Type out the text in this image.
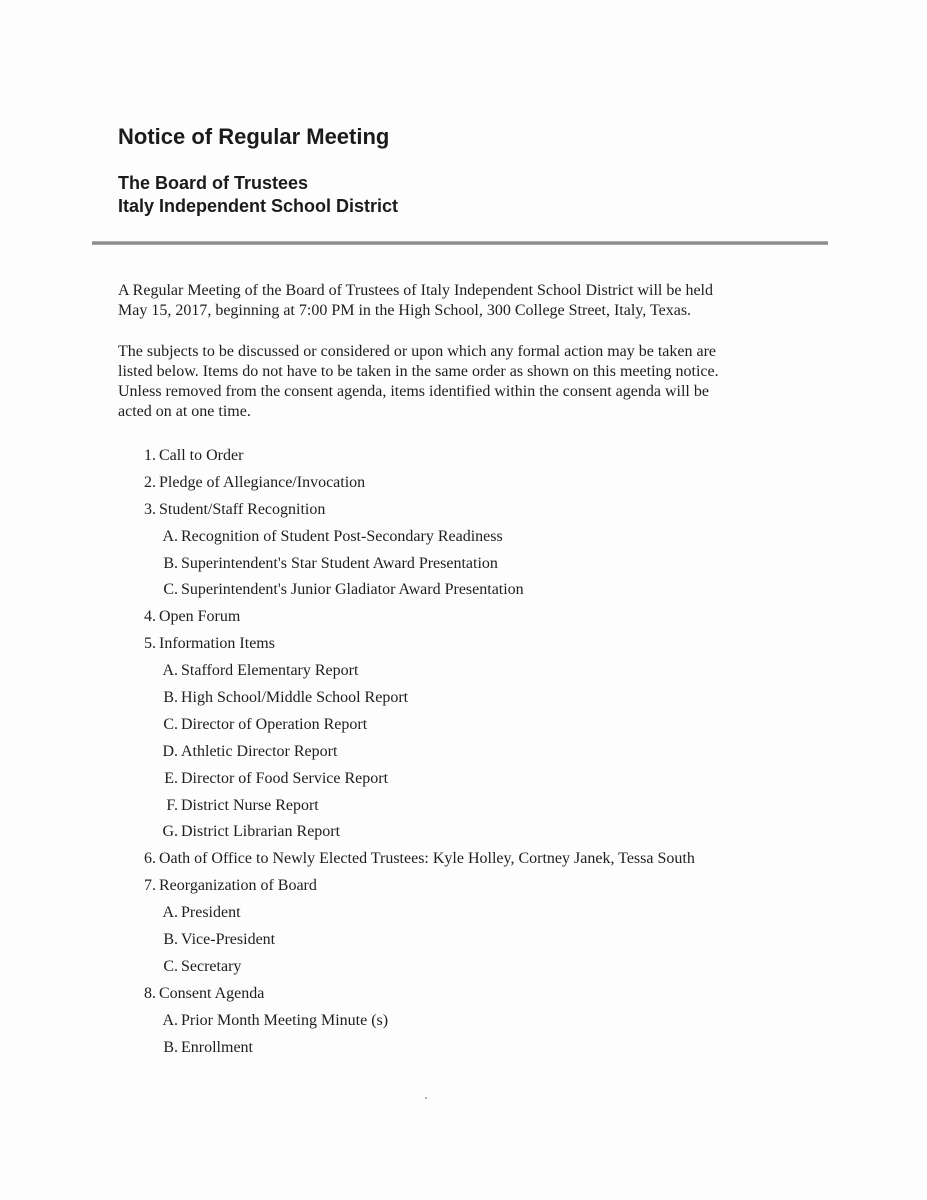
Notice of Regular Meeting
The Board of Trustees
Italy Independent School District
A Regular Meeting of the Board of Trustees of Italy Independent School District will be held
May 15, 2017, beginning at 7:00 PM in the High School, 300 College Street, Italy, Texas.
The subjects to be discussed or considered or upon which any formal action may be taken are
listed below. Items do not have to be taken in the same order as shown on this meeting notice.
Unless removed from the consent agenda, items identified within the consent agenda will be
acted on at one time.
1. Call to Order
2. Pledge of Allegiance/Invocation
3. Student/Staff Recognition
A. Recognition of Student Post-Secondary Readiness
B. Superintendent's Star Student Award Presentation
C. Superintendent's Junior Gladiator Award Presentation
4. Open Forum
5. Information Items
A. Stafford Elementary Report
B. High School/Middle School Report
C. Director of Operation Report
D. Athletic Director Report
E. Director of Food Service Report
F. District Nurse Report
G. District Librarian Report
6. Oath of Office to Newly Elected Trustees: Kyle Holley, Cortney Janek, Tessa South
7. Reorganization of Board
A. President
B. Vice-President
C. Secretary
8. Consent Agenda
A. Prior Month Meeting Minute (s)
B. Enrollment
